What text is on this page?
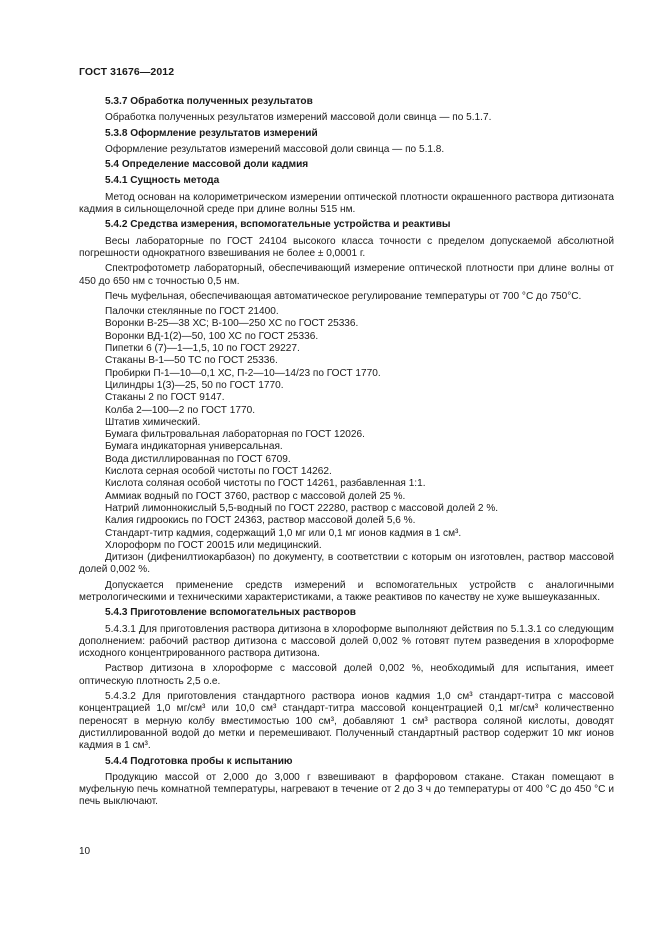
ГОСТ 31676—2012
5.3.7 Обработка полученных результатов
Обработка полученных результатов измерений массовой доли свинца — по 5.1.7.
5.3.8 Оформление результатов измерений
Оформление результатов измерений массовой доли свинца — по 5.1.8.
5.4 Определение массовой доли кадмия
5.4.1 Сущность метода
Метод основан на колориметрическом измерении оптической плотности окрашенного раствора дитизоната кадмия в сильнощелочной среде при длине волны 515 нм.
5.4.2 Средства измерения, вспомогательные устройства и реактивы
Весы лабораторные по ГОСТ 24104 высокого класса точности с пределом допускаемой абсолютной погрешности однократного взвешивания не более ± 0,0001 г.
Спектрофотометр лабораторный, обеспечивающий измерение оптической плотности при длине волны от 450 до 650 нм с точностью 0,5 нм.
Печь муфельная, обеспечивающая автоматическое регулирование температуры от 700 °С до 750°С.
Палочки стеклянные по ГОСТ 21400.
Воронки В-25—38 ХС; В-100—250 ХС по ГОСТ 25336.
Воронки ВД-1(2)—50, 100 ХС по ГОСТ 25336.
Пипетки 6 (7)—1—1,5, 10 по ГОСТ 29227.
Стаканы В-1—50 ТС по ГОСТ 25336.
Пробирки П-1—10—0,1 ХС, П-2—10—14/23 по ГОСТ 1770.
Цилиндры 1(3)—25, 50 по ГОСТ 1770.
Стаканы 2 по ГОСТ 9147.
Колба 2—100—2 по ГОСТ 1770.
Штатив химический.
Бумага фильтровальная лабораторная по ГОСТ 12026.
Бумага индикаторная универсальная.
Вода дистиллированная по ГОСТ 6709.
Кислота серная особой чистоты по ГОСТ 14262.
Кислота соляная особой чистоты по ГОСТ 14261, разбавленная 1:1.
Аммиак водный по ГОСТ 3760, раствор с массовой долей 25 %.
Натрий лимоннокислый 5,5-водный по ГОСТ 22280, раствор с массовой долей 2 %.
Калия гидроокись по ГОСТ 24363, раствор массовой долей 5,6 %.
Стандарт-титр кадмия, содержащий 1,0 мг или 0,1 мг ионов кадмия в 1 см³.
Хлороформ по ГОСТ 20015 или медицинский.
Дитизон (дифенилтиокарбазон) по документу, в соответствии с которым он изготовлен, раствор массовой долей 0,002 %.
Допускается применение средств измерений и вспомогательных устройств с аналогичными метрологическими и техническими характеристиками, а также реактивов по качеству не хуже вышеуказанных.
5.4.3 Приготовление вспомогательных растворов
5.4.3.1 Для приготовления раствора дитизона в хлороформе выполняют действия по 5.1.3.1 со следующим дополнением: рабочий раствор дитизона с массовой долей 0,002 % готовят путем разведения в хлороформе исходного концентрированного раствора дитизона.
Раствор дитизона в хлороформе с массовой долей 0,002 %, необходимый для испытания, имеет оптическую плотность 2,5 о.е.
5.4.3.2 Для приготовления стандартного раствора ионов кадмия 1,0 см³ стандарт-титра с массовой концентрацией 1,0 мг/см³ или 10,0 см³ стандарт-титра массовой концентрацией 0,1 мг/см³ количественно переносят в мерную колбу вместимостью 100 см³, добавляют 1 см³ раствора соляной кислоты, доводят дистиллированной водой до метки и перемешивают. Полученный стандартный раствор содержит 10 мкг ионов кадмия в 1 см³.
5.4.4 Подготовка пробы к испытанию
Продукцию массой от 2,000 до 3,000 г взвешивают в фарфоровом стакане. Стакан помещают в муфельную печь комнатной температуры, нагревают в течение от 2 до 3 ч до температуры от 400 °С до 450 °С и печь выключают.
10
